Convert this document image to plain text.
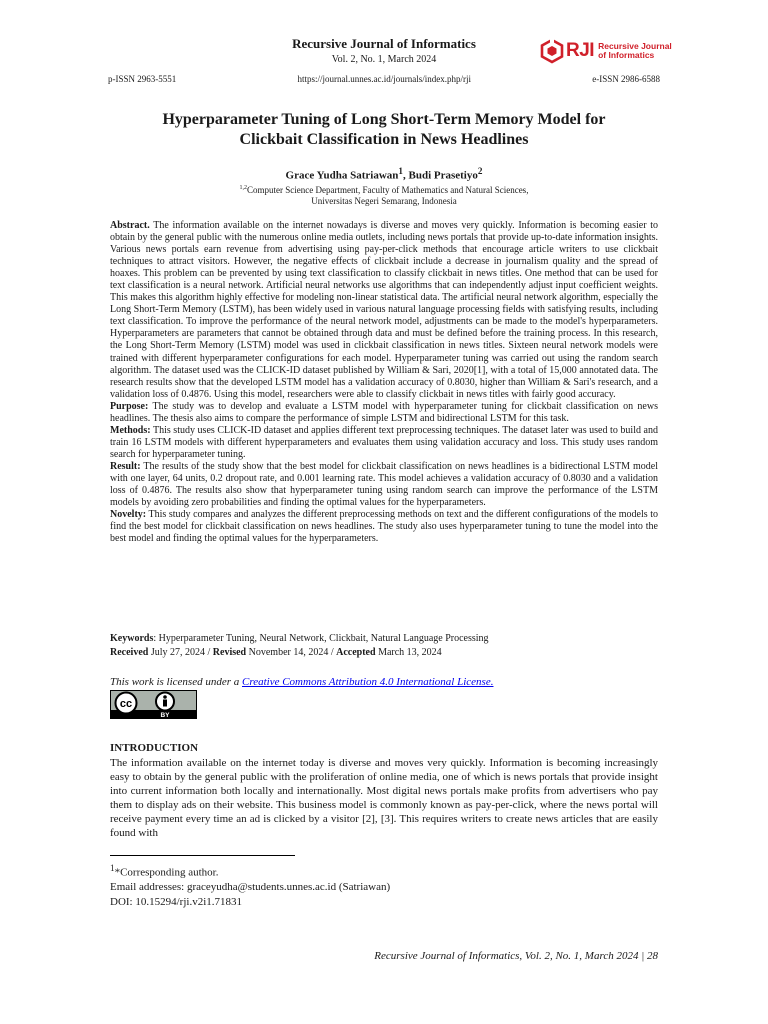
Recursive Journal of Informatics
Vol. 2, No. 1, March 2024	RJI Recursive Journal
of Informatics
p-ISSN 2963-5551	https://journal.unnes.ac.id/journals/index.php/rji	e-ISSN 2986-6588
Hyperparameter Tuning of Long Short-Term Memory Model for
Clickbait Classification in News Headlines
Grace Yudha Satriawan$^1$, Budi Prasetiyo$^2$
$^{1,2}$Computer Science Department, Faculty of Mathematics and Natural Sciences,
Universitas Negeri Semarang, Indonesia
Abstract. The information available on the internet nowadays is diverse and moves very quickly. Information is becoming easier to obtain by the general public with the numerous online media outlets, including news portals that provide up-to-date information insights. Various news portals earn revenue from advertising using pay-per-click methods that encourage article writers to use clickbait techniques to attract visitors. However, the negative effects of clickbait include a decrease in journalism quality and the spread of hoaxes. This problem can be prevented by using text classification to classify clickbait in news titles. One method that can be used for text classification is a neural network. Artificial neural networks use algorithms that can independently adjust input coefficient weights. This makes this algorithm highly effective for modeling non-linear statistical data. The artificial neural network algorithm, especially the Long Short-Term Memory (LSTM), has been widely used in various natural language processing fields with satisfying results, including text classification. To improve the performance of the neural network model, adjustments can be made to the model's hyperparameters. Hyperparameters are parameters that cannot be obtained through data and must be defined before the training process. In this research, the Long Short-Term Memory (LSTM) model was used in clickbait classification in news titles. Sixteen neural network models were trained with different hyperparameter configurations for each model. Hyperparameter tuning was carried out using the random search algorithm. The dataset used was the CLICK-ID dataset published by William & Sari, 2020[1], with a total of 15,000 annotated data. The research results show that the developed LSTM model has a validation accuracy of 0.8030, higher than William & Sari's research, and a validation loss of 0.4876. Using this model, researchers were able to classify clickbait in news titles with fairly good accuracy.
Purpose: The study was to develop and evaluate a LSTM model with hyperparameter tuning for clickbait classification on news headlines. The thesis also aims to compare the performance of simple LSTM and bidirectional LSTM for this task.
Methods: This study uses CLICK-ID dataset and applies different text preprocessing techniques. The dataset later was used to build and train 16 LSTM models with different hyperparameters and evaluates them using validation accuracy and loss. This study uses random search for hyperparameter tuning.
Result: The results of the study show that the best model for clickbait classification on news headlines is a bidirectional LSTM model with one layer, 64 units, 0.2 dropout rate, and 0.001 learning rate. This model achieves a validation accuracy of 0.8030 and a validation loss of 0.4876. The results also show that hyperparameter tuning using random search can improve the performance of the LSTM models by avoiding zero probabilities and finding the optimal values for the hyperparameters.
Novelty: This study compares and analyzes the different preprocessing methods on text and the different configurations of the models to find the best model for clickbait classification on news headlines. The study also uses hyperparameter tuning to tune the model into the best model and finding the optimal values for the hyperparameters.
Keywords: Hyperparameter Tuning, Neural Network, Clickbait, Natural Language Processing
Received July 27, 2024 / Revised November 14, 2024 / Accepted March 13, 2024
This work is licensed under a Creative Commons Attribution 4.0 International License.
cc
BY
INTRODUCTION
The information available on the internet today is diverse and moves very quickly. Information is becoming increasingly easy to obtain by the general public with the proliferation of online media, one of which is news portals that provide insight into current information both locally and internationally. Most digital news portals make profits from advertisers who pay them to display ads on their website. This business model is commonly known as pay-per-click, where the news portal will receive payment every time an ad is clicked by a visitor [2], [3]. This requires writers to create news articles that are easily found with
$^1$*Corresponding author.
Email addresses: graceyudha@students.unnes.ac.id (Satriawan)
DOI: 10.15294/rji.v2i1.71831
Recursive Journal of Informatics, Vol. 2, No. 1, March 2024 | 28
